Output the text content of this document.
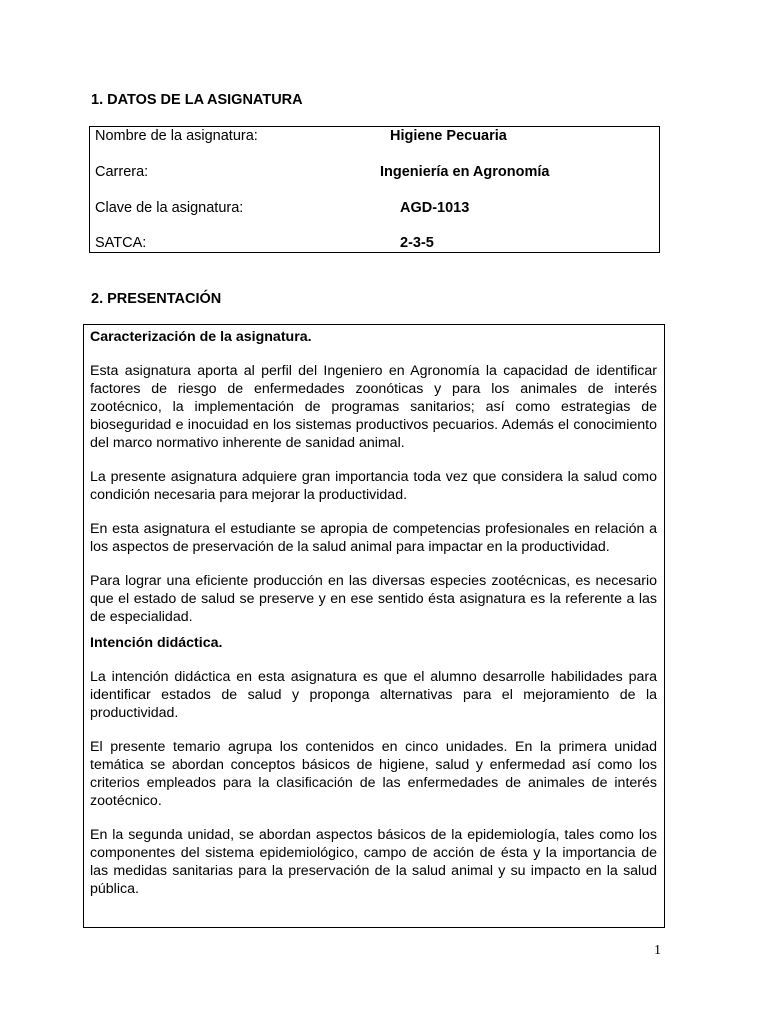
1. DATOS DE LA ASIGNATURA
Nombre de la asignatura:	Higiene Pecuaria
Carrera:	Ingeniería en Agronomía
Clave de la asignatura:	AGD-1013
SATCA:	2-3-5
2. PRESENTACIÓN
Caracterización de la asignatura.

Esta asignatura aporta al perfil del Ingeniero en Agronomía la capacidad de identificar factores de riesgo de enfermedades zoonóticas y para los animales de interés zootécnico, la implementación de programas sanitarios; así como estrategias de bioseguridad e inocuidad en los sistemas productivos pecuarios. Además el conocimiento del marco normativo inherente de sanidad animal.

La presente asignatura adquiere gran importancia toda vez que considera la salud como condición necesaria para mejorar la productividad.

En esta asignatura el estudiante se apropia de competencias profesionales en relación a los aspectos de preservación de la salud animal para impactar en la productividad.

Para lograr una eficiente producción en las diversas especies zootécnicas, es necesario que el estado de salud se preserve y en ese sentido ésta asignatura es la referente a las de especialidad.

Intención didáctica.

La intención didáctica en esta asignatura es que el alumno desarrolle habilidades para identificar estados de salud y proponga alternativas para el mejoramiento de la productividad.

El presente temario agrupa los contenidos en cinco unidades. En la primera unidad temática se abordan conceptos básicos de higiene, salud y enfermedad así como los criterios empleados para la clasificación de las enfermedades de animales de interés zootécnico.

En la segunda unidad, se abordan aspectos básicos de la epidemiología, tales como los componentes del sistema epidemiológico, campo de acción de ésta y la importancia de las medidas sanitarias para la preservación de la salud animal y su impacto en la salud pública.

1
